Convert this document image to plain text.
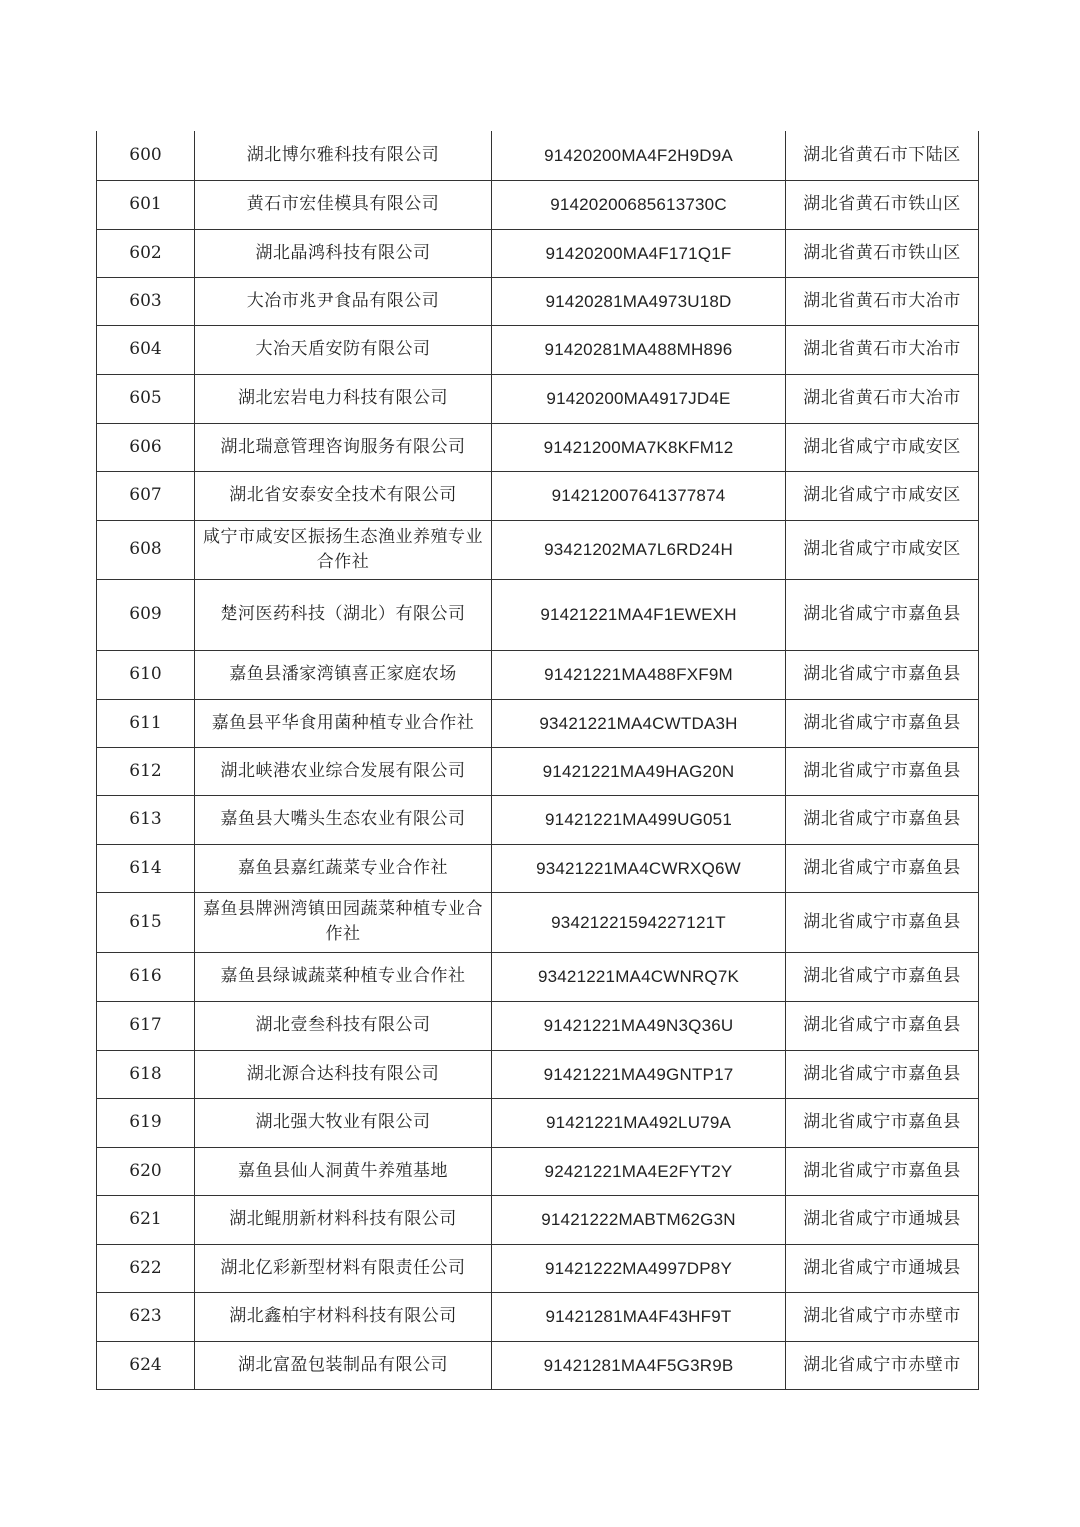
600	湖北博尔雅科技有限公司	91420200MA4F2H9D9A	湖北省黄石市下陆区
601	黄石市宏佳模具有限公司	91420200685613730C	湖北省黄石市铁山区
602	湖北晶鸿科技有限公司	91420200MA4F171Q1F	湖北省黄石市铁山区
603	大冶市兆尹食品有限公司	91420281MA4973U18D	湖北省黄石市大冶市
604	大冶天盾安防有限公司	91420281MA488MH896	湖北省黄石市大冶市
605	湖北宏岩电力科技有限公司	91420200MA4917JD4E	湖北省黄石市大冶市
606	湖北瑞意管理咨询服务有限公司	91421200MA7K8KFM12	湖北省咸宁市咸安区
607	湖北省安泰安全技术有限公司	914212007641377874	湖北省咸宁市咸安区
608	咸宁市咸安区振扬生态渔业养殖专业合作社	93421202MA7L6RD24H	湖北省咸宁市咸安区
609	楚河医药科技（湖北）有限公司	91421221MA4F1EWEXH	湖北省咸宁市嘉鱼县
610	嘉鱼县潘家湾镇喜正家庭农场	91421221MA488FXF9M	湖北省咸宁市嘉鱼县
611	嘉鱼县平华食用菌种植专业合作社	93421221MA4CWTDA3H	湖北省咸宁市嘉鱼县
612	湖北峡港农业综合发展有限公司	91421221MA49HAG20N	湖北省咸宁市嘉鱼县
613	嘉鱼县大嘴头生态农业有限公司	91421221MA499UG051	湖北省咸宁市嘉鱼县
614	嘉鱼县嘉红蔬菜专业合作社	93421221MA4CWRXQ6W	湖北省咸宁市嘉鱼县
615	嘉鱼县牌洲湾镇田园蔬菜种植专业合作社	93421221594227121T	湖北省咸宁市嘉鱼县
616	嘉鱼县绿诚蔬菜种植专业合作社	93421221MA4CWNRQ7K	湖北省咸宁市嘉鱼县
617	湖北壹叁科技有限公司	91421221MA49N3Q36U	湖北省咸宁市嘉鱼县
618	湖北源合达科技有限公司	91421221MA49GNTP17	湖北省咸宁市嘉鱼县
619	湖北强大牧业有限公司	91421221MA492LU79A	湖北省咸宁市嘉鱼县
620	嘉鱼县仙人洞黄牛养殖基地	92421221MA4E2FYT2Y	湖北省咸宁市嘉鱼县
621	湖北鲲朋新材料科技有限公司	91421222MABTM62G3N	湖北省咸宁市通城县
622	湖北亿彩新型材料有限责任公司	91421222MA4997DP8Y	湖北省咸宁市通城县
623	湖北鑫柏宇材料科技有限公司	91421281MA4F43HF9T	湖北省咸宁市赤壁市
624	湖北富盈包装制品有限公司	91421281MA4F5G3R9B	湖北省咸宁市赤壁市
